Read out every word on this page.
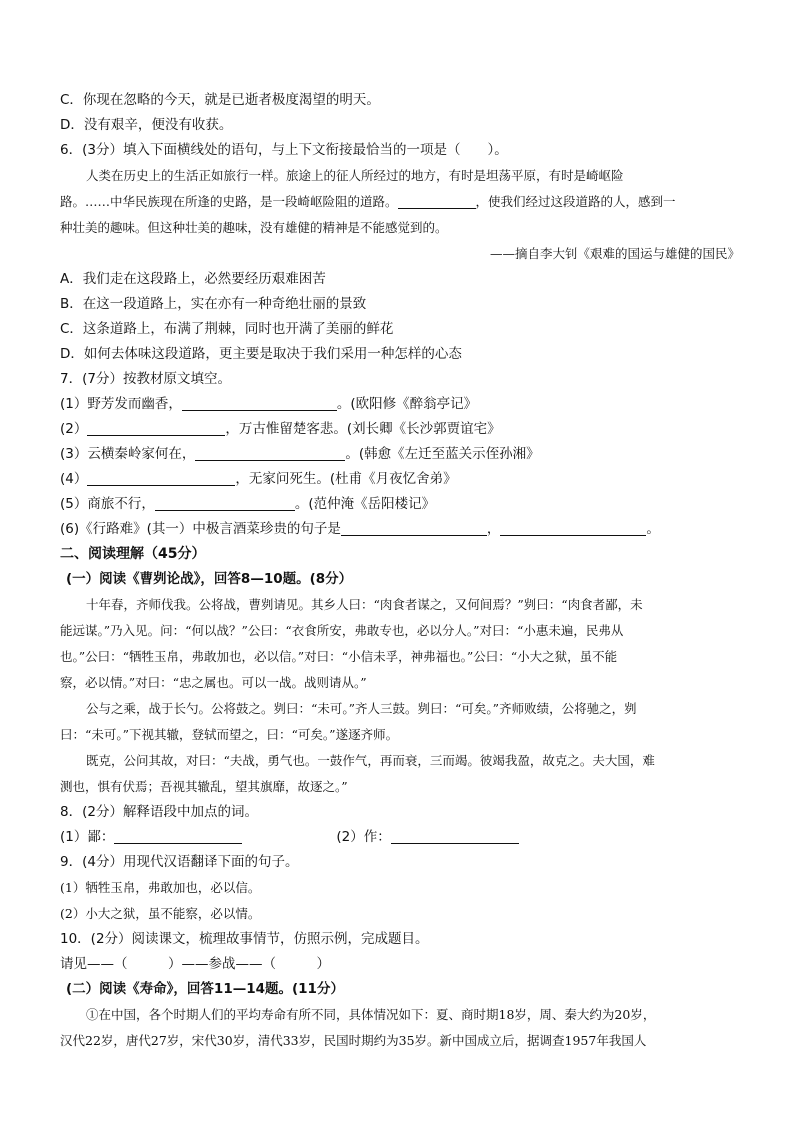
C．你现在忽略的今天，就是已逝者极度渴望的明天。
D．没有艰辛，便没有收获。
6．(3分）填入下面横线处的语句，与上下文衔接最恰当的一项是（　　）。
人类在历史上的生活正如旅行一样。旅途上的征人所经过的地方，有时是坦荡平原，有时是崎岖险
路。……中华民族现在所逢的史路，是一段崎岖险阻的道路。	，使我们经过这段道路的人，感到一
种壮美的趣味。但这种壮美的趣味，没有雄健的精神是不能感觉到的。
——摘自李大钊《艰难的国运与雄健的国民》
A．我们走在这段路上，必然要经历艰难困苦
B．在这一段道路上，实在亦有一种奇绝壮丽的景致
C．这条道路上，布满了荆棘，同时也开满了美丽的鲜花
D．如何去体味这段道路，更主要是取决于我们采用一种怎样的心态
7．(7分）按教材原文填空。
(1）野芳发而幽香，	。(欧阳修《醉翁亭记》
(2）	，万古惟留楚客悲。(刘长卿《长沙郭贾谊宅》
(3）云横秦岭家何在，	。(韩愈《左迁至蓝关示侄孙湘》
(4）	，无家问死生。(杜甫《月夜忆舍弟》
(5）商旅不行，	。(范仲淹《岳阳楼记》
(6)《行路难》(其一）中极言酒菜珍贵的句子是	，	。
二、阅读理解（45分）
(一）阅读《曹刿论战》，回答8—10题。(8分）
十年春，齐师伐我。公将战，曹刿请见。其乡人曰：“肉食者谋之，又何间焉？”刿曰：“肉食者鄙，未
能远谋。”乃入见。问：“何以战？”公曰：“衣食所安，弗敢专也，必以分人。”对曰：“小惠未遍，民弗从
也。”公曰：“牺牲玉帛，弗敢加也，必以信。”对曰：“小信未孚，神弗福也。”公曰：“小大之狱，虽不能
察，必以情。”对曰：“忠之属也。可以一战。战则请从。”
公与之乘，战于长勺。公将鼓之。刿曰：“未可。”齐人三鼓。刿曰：“可矣。”齐师败绩，公将驰之，刿
曰：“未可。”下视其辙，登轼而望之，曰：“可矣。”遂逐齐师。
既克，公问其故，对曰：“夫战，勇气也。一鼓作气，再而衰，三而竭。彼竭我盈，故克之。夫大国，难
测也，惧有伏焉；吾视其辙乱，望其旗靡，故逐之。”
8．(2分）解释语段中加点的词。
(1）鄙：	(2）作：
9．(4分）用现代汉语翻译下面的句子。
(1）牺牲玉帛，弗敢加也，必以信。
(2）小大之狱，虽不能察，必以情。
10．(2分）阅读课文，梳理故事情节，仿照示例，完成题目。
请见——（　　　）——参战——（　　　）
(二）阅读《寿命》，回答11—14题。(11分）
①在中国，各个时期人们的平均寿命有所不同，具体情况如下：夏、商时期18岁，周、秦大约为20岁，
汉代22岁，唐代27岁，宋代30岁，清代33岁，民国时期约为35岁。新中国成立后，据调查1957年我国人
